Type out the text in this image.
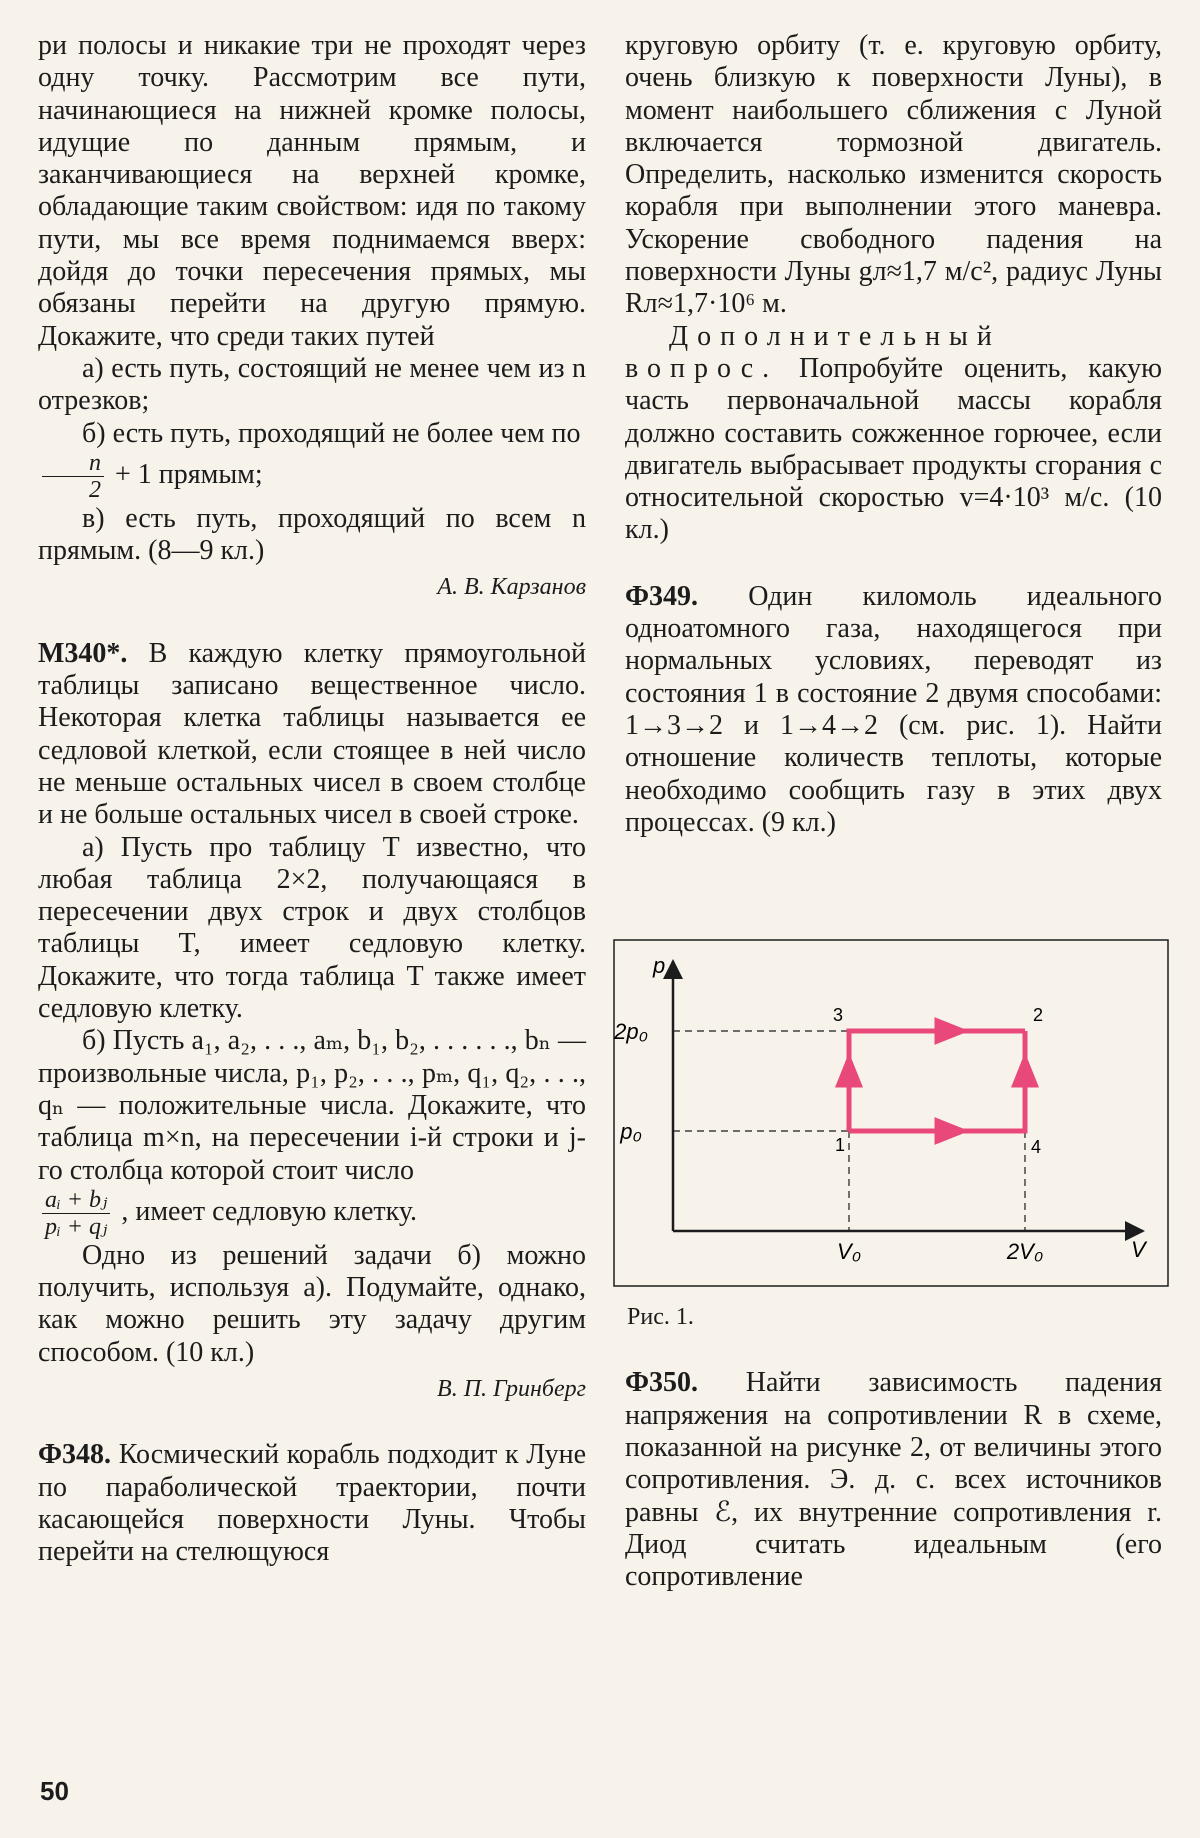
ри полосы и никакие три не проходят через одну точку. Рассмотрим все пути, начинающиеся на нижней кромке полосы, идущие по данным прямым, и заканчивающиеся на верхней кромке, обладающие таким свойством: идя по такому пути, мы все время поднимаемся вверх: дойдя до точки пересечения прямых, мы обязаны перейти на другую прямую. Докажите, что среди таких путей

а) есть путь, состоящий не менее чем из n отрезков;

б) есть путь, проходящий не более чем по
$\frac{n}{2} + 1$ прямым;

в) есть путь, проходящий по всем n прямым. (8—9 кл.)

А. В. Карзанов

М340*. В каждую клетку прямоугольной таблицы записано вещественное число. Некоторая клетка таблицы называется ее седловой клеткой, если стоящее в ней число не меньше остальных чисел в своем столбце и не больше остальных чисел в своей строке.

а) Пусть про таблицу T известно, что любая таблица 2×2, получающаяся в пересечении двух строк и двух столбцов таблицы T, имеет седловую клетку. Докажите, что тогда таблица T также имеет седловую клетку.

б) Пусть a₁, a₂, . . ., aₘ, b₁, b₂, . . . . . ., bₙ — произвольные числа, p₁, p₂, . . ., pₘ, q₁, q₂, . . ., qₙ — положительные числа. Докажите, что таблица m×n, на пересечении i-й строки и j-го столбца которой стоит число

$\frac{\text{aᵢ + bⱼ}}{\text{pᵢ + qⱼ}}$ , имеет седловую клетку.

Одно из решений задачи б) можно получить, используя а). Подумайте, однако, как можно решить эту задачу другим способом. (10 кл.)

В. П. Гринберг

Ф348. Космический корабль подходит к Луне по параболической траектории, почти касающейся поверхности Луны. Чтобы перейти на стелющуюся

круговую орбиту (т. е. круговую орбиту, очень близкую к поверхности Луны), в момент наибольшего сближения с Луной включается тормозной двигатель. Определить, насколько изменится скорость корабля при выполнении этого маневра. Ускорение свободного падения на поверхности Луны gл≈1,7 м/с², радиус Луны Rл≈1,7·10⁶ м.

Дополнительный вопрос. Попробуйте оценить, какую часть первоначальной массы корабля должно составить сожженное горючее, если двигатель выбрасывает продукты сгорания с относительной скоростью v=4·10³ м/с. (10 кл.)

Ф349. Один киломоль идеального одноатомного газа, находящегося при нормальных условиях, переводят из состояния 1 в состояние 2 двумя способами: 1→3→2 и 1→4→2 (см. рис. 1). Найти отношение количеств теплоты, которые необходимо сообщить газу в этих двух процессах. (9 кл.)

V
p
p₀
2p₀
V₀	2V₀
1
2
3
4

Рис. 1.

Ф350. Найти зависимость падения напряжения на сопротивлении R в схеме, показанной на рисунке 2, от величины этого сопротивления. Э. д. с. всех источников равны ℰ, их внутренние сопротивления r. Диод считать идеальным (его сопротивление

50
